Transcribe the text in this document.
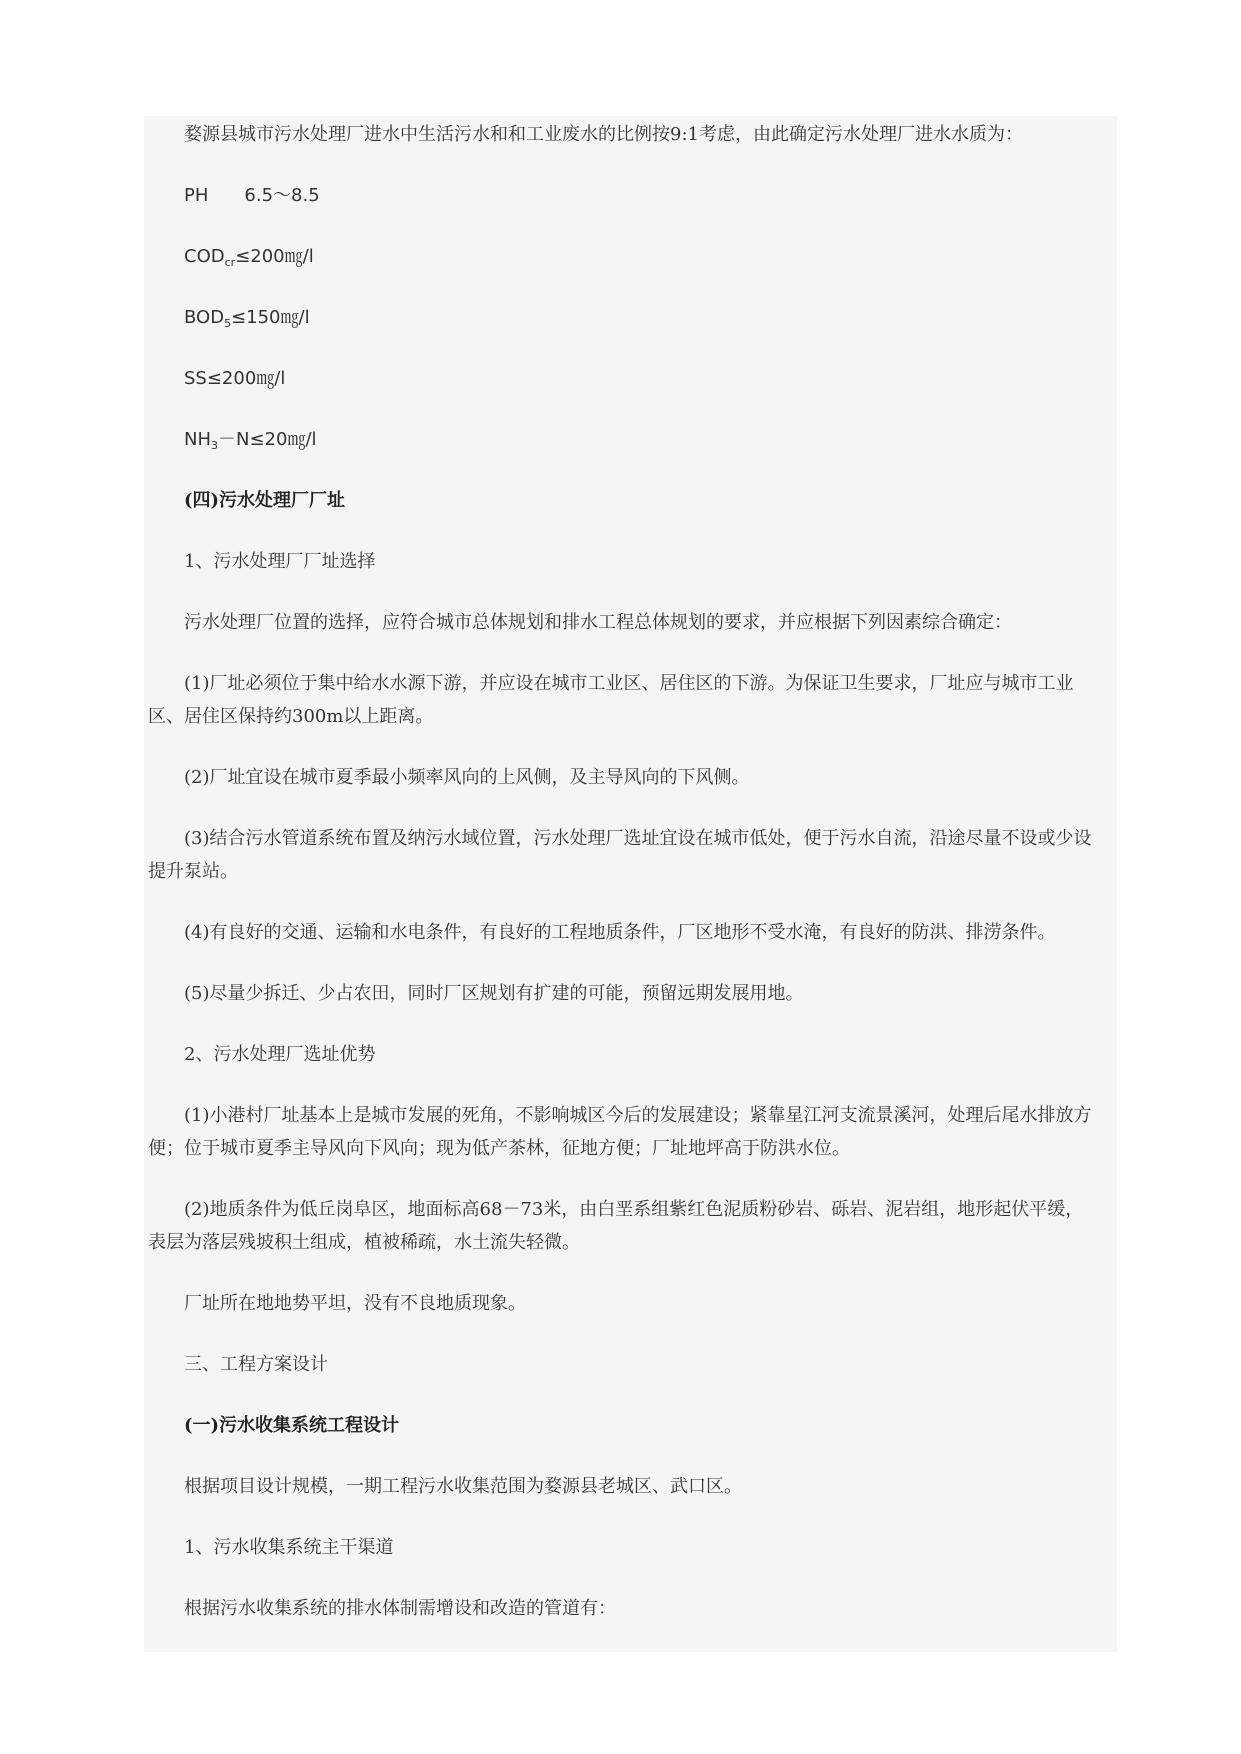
婺源县城市污水处理厂进水中生活污水和和工业废水的比例按9:1考虑，由此确定污水处理厂进水水质为：

PH 6.5～8.5

$COD_{cr}\le 200㎎/l$

$BOD_5\le 150㎎/l$

SS≤200㎎/l

$NH_3-N\le 20㎎/l$

(四)污水处理厂厂址

1、污水处理厂厂址选择

污水处理厂位置的选择，应符合城市总体规划和排水工程总体规划的要求，并应根据下列因素综合确定：

(1)厂址必须位于集中给水水源下游，并应设在城市工业区、居住区的下游。为保证卫生要求，厂址应与城市工业区、居住区保持约300m以上距离。

(2)厂址宜设在城市夏季最小频率风向的上风侧，及主导风向的下风侧。

(3)结合污水管道系统布置及纳污水域位置，污水处理厂选址宜设在城市低处，便于污水自流，沿途尽量不设或少设提升泵站。

(4)有良好的交通、运输和水电条件，有良好的工程地质条件，厂区地形不受水淹，有良好的防洪、排涝条件。

(5)尽量少拆迁、少占农田，同时厂区规划有扩建的可能，预留远期发展用地。

2、污水处理厂选址优势

(1)小港村厂址基本上是城市发展的死角，不影响城区今后的发展建设；紧靠星江河支流景溪河，处理后尾水排放方便；位于城市夏季主导风向下风向；现为低产茶林，征地方便；厂址地坪高于防洪水位。

(2)地质条件为低丘岗阜区，地面标高68－73米，由白垩系组紫红色泥质粉砂岩、砾岩、泥岩组，地形起伏平缓，表层为落层残坡积土组成，植被稀疏，水土流失轻微。

厂址所在地地势平坦，没有不良地质现象。

三、工程方案设计

(一)污水收集系统工程设计

根据项目设计规模，一期工程污水收集范围为婺源县老城区、武口区。

1、污水收集系统主干渠道

根据污水收集系统的排水体制需增设和改造的管道有：
